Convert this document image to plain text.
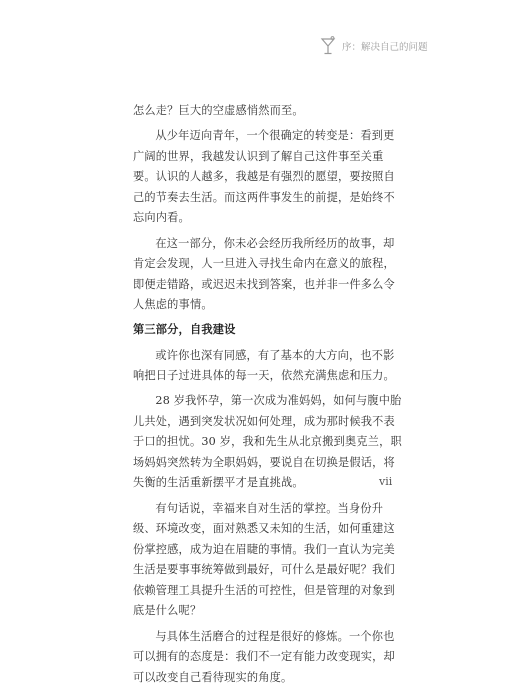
序：解决自己的问题

怎么走？巨大的空虚感悄然而至。

从少年迈向青年，一个很确定的转变是：看到更广阔的世界，我越发认识到了解自己这件事至关重要。认识的人越多，我越是有强烈的愿望，要按照自己的节奏去生活。而这两件事发生的前提，是始终不忘向内看。

在这一部分，你未必会经历我所经历的故事，却肯定会发现，人一旦进入寻找生命内在意义的旅程，即便走错路，或迟迟未找到答案，也并非一件多么令人焦虑的事情。

第三部分，自我建设

或许你也深有同感，有了基本的大方向，也不影响把日子过进具体的每一天，依然充满焦虑和压力。

28 岁我怀孕，第一次成为准妈妈，如何与腹中胎儿共处，遇到突发状况如何处理，成为那时候我不表于口的担忧。30 岁，我和先生从北京搬到奥克兰，职场妈妈突然转为全职妈妈，要说自在切换是假话，将失衡的生活重新摆平才是直挑战。

有句话说，幸福来自对生活的掌控。当身份升级、环境改变，面对熟悉又未知的生活，如何重建这份掌控感，成为迫在眉睫的事情。我们一直认为完美生活是要事事统筹做到最好，可什么是最好呢？我们依赖管理工具提升生活的可控性，但是管理的对象到底是什么呢？

与具体生活磨合的过程是很好的修炼。一个你也可以拥有的态度是：我们不一定有能力改变现实，却可以改变自己看待现实的角度。

vii
